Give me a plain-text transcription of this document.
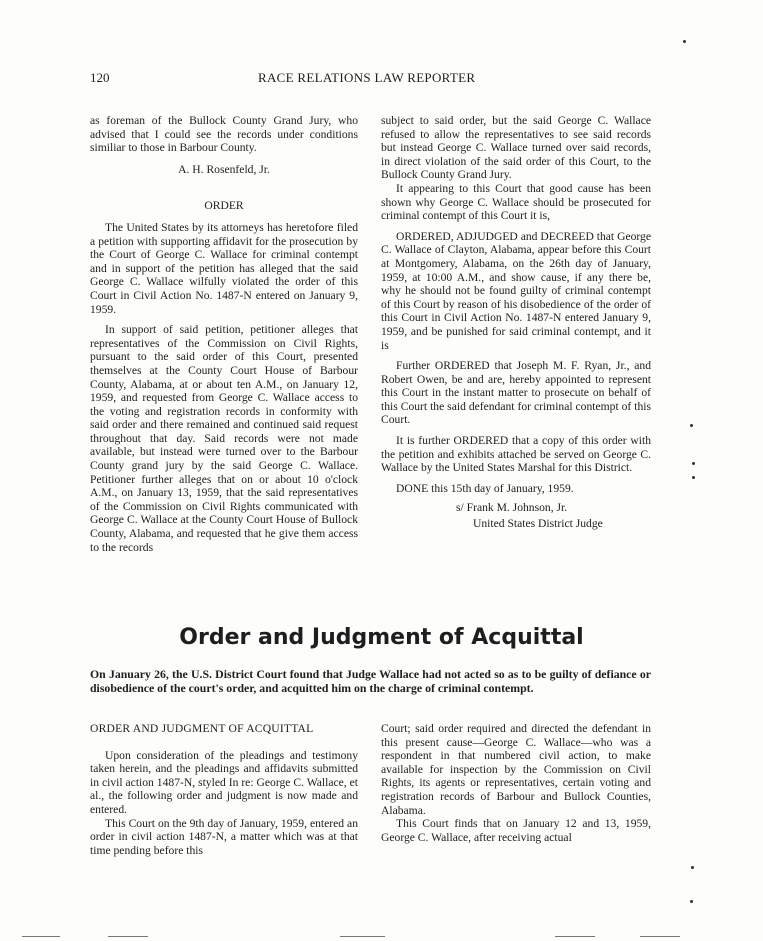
120	RACE RELATIONS LAW REPORTER

as foreman of the Bullock County Grand Jury, who advised that I could see the records under conditions similiar to those in Barbour County.

A. H. Rosenfeld, Jr.

ORDER

The United States by its attorneys has heretofore filed a petition with supporting affidavit for the prosecution by the Court of George C. Wallace for criminal contempt and in support of the petition has alleged that the said George C. Wallace wilfully violated the order of this Court in Civil Action No. 1487-N entered on January 9, 1959.

In support of said petition, petitioner alleges that representatives of the Commission on Civil Rights, pursuant to the said order of this Court, presented themselves at the County Court House of Barbour County, Alabama, at or about ten A.M., on January 12, 1959, and requested from George C. Wallace access to the voting and registration records in conformity with said order and there remained and continued said request throughout that day. Said records were not made available, but instead were turned over to the Barbour County grand jury by the said George C. Wallace. Petitioner further alleges that on or about 10 o'clock A.M., on January 13, 1959, that the said representatives of the Commission on Civil Rights communicated with George C. Wallace at the County Court House of Bullock County, Alabama, and requested that he give them access to the records

subject to said order, but the said George C. Wallace refused to allow the representatives to see said records but instead George C. Wallace turned over said records, in direct violation of the said order of this Court, to the Bullock County Grand Jury.

It appearing to this Court that good cause has been shown why George C. Wallace should be prosecuted for criminal contempt of this Court it is,

ORDERED, ADJUDGED and DECREED that George C. Wallace of Clayton, Alabama, appear before this Court at Montgomery, Alabama, on the 26th day of January, 1959, at 10:00 A.M., and show cause, if any there be, why he should not be found guilty of criminal contempt of this Court by reason of his disobedience of the order of this Court in Civil Action No. 1487-N entered January 9, 1959, and be punished for said criminal contempt, and it is

Further ORDERED that Joseph M. F. Ryan, Jr., and Robert Owen, be and are, hereby appointed to represent this Court in the instant matter to prosecute on behalf of this Court the said defendant for criminal contempt of this Court.

It is further ORDERED that a copy of this order with the petition and exhibits attached be served on George C. Wallace by the United States Marshal for this District.

DONE this 15th day of January, 1959.

s/ Frank M. Johnson, Jr.

United States District Judge

Order and Judgment of Acquittal
On January 26, the U.S. District Court found that Judge Wallace had not acted so as to be guilty of defiance or disobedience of the court's order, and acquitted him on the charge of criminal contempt.

ORDER AND JUDGMENT OF ACQUITTAL

Upon consideration of the pleadings and testimony taken herein, and the pleadings and affidavits submitted in civil action 1487-N, styled In re: George C. Wallace, et al., the following order and judgment is now made and entered.

This Court on the 9th day of January, 1959, entered an order in civil action 1487-N, a matter which was at that time pending before this

Court; said order required and directed the defendant in this present cause—George C. Wallace—who was a respondent in that numbered civil action, to make available for inspection by the Commission on Civil Rights, its agents or representatives, certain voting and registration records of Barbour and Bullock Counties, Alabama.

This Court finds that on January 12 and 13, 1959, George C. Wallace, after receiving actual
